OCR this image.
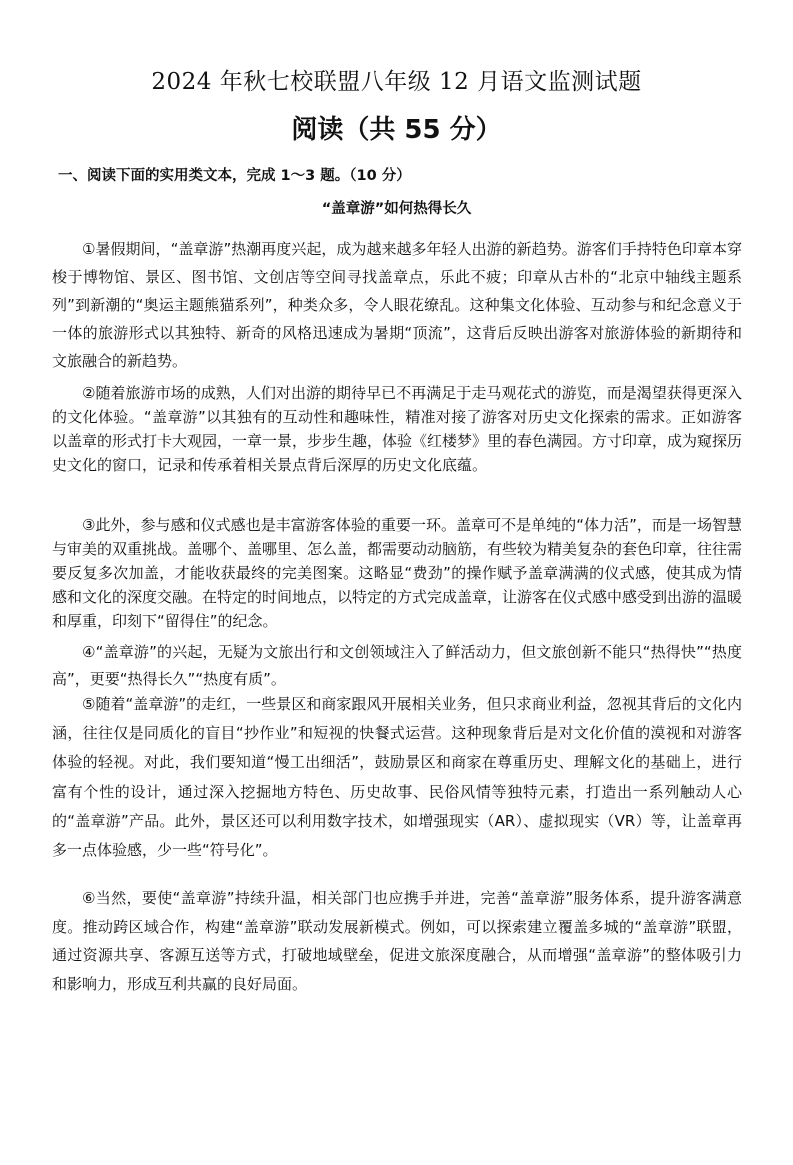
2024 年秋七校联盟八年级 12 月语文监测试题
阅读（共 55 分）
一、阅读下面的实用类文本，完成 1～3 题。（10 分）
“盖章游”如何热得长久

①暑假期间，“盖章游”热潮再度兴起，成为越来越多年轻人出游的新趋势。游客们手持特色印章本穿梭于博物馆、景区、图书馆、文创店等空间寻找盖章点，乐此不疲；印章从古朴的“北京中轴线主题系列”到新潮的“奥运主题熊猫系列”，种类众多，令人眼花缭乱。这种集文化体验、互动参与和纪念意义于一体的旅游形式以其独特、新奇的风格迅速成为暑期“顶流”，这背后反映出游客对旅游体验的新期待和文旅融合的新趋势。

②随着旅游市场的成熟，人们对出游的期待早已不再满足于走马观花式的游览，而是渴望获得更深入的文化体验。“盖章游”以其独有的互动性和趣味性，精准对接了游客对历史文化探索的需求。正如游客以盖章的形式打卡大观园，一章一景，步步生趣，体验《红楼梦》里的春色满园。方寸印章，成为窥探历史文化的窗口，记录和传承着相关景点背后深厚的历史文化底蕴。

③此外，参与感和仪式感也是丰富游客体验的重要一环。盖章可不是单纯的“体力活”，而是一场智慧与审美的双重挑战。盖哪个、盖哪里、怎么盖，都需要动动脑筋，有些较为精美复杂的套色印章，往往需要反复多次加盖，才能收获最终的完美图案。这略显“费劲”的操作赋予盖章满满的仪式感，使其成为情感和文化的深度交融。在特定的时间地点，以特定的方式完成盖章，让游客在仪式感中感受到出游的温暖和厚重，印刻下“留得住”的纪念。

④“盖章游”的兴起，无疑为文旅出行和文创领域注入了鲜活动力，但文旅创新不能只“热得快”“热度高”，更要“热得长久”“热度有质”。

⑤随着“盖章游”的走红，一些景区和商家跟风开展相关业务，但只求商业利益，忽视其背后的文化内涵，往往仅是同质化的盲目“抄作业”和短视的快餐式运营。这种现象背后是对文化价值的漠视和对游客体验的轻视。对此，我们要知道“慢工出细活”，鼓励景区和商家在尊重历史、理解文化的基础上，进行富有个性的设计，通过深入挖掘地方特色、历史故事、民俗风情等独特元素，打造出一系列触动人心的“盖章游”产品。此外，景区还可以利用数字技术，如增强现实（AR）、虚拟现实（VR）等，让盖章再多一点体验感，少一些“符号化”。

⑥当然，要使“盖章游”持续升温，相关部门也应携手并进，完善“盖章游”服务体系，提升游客满意度。推动跨区域合作，构建“盖章游”联动发展新模式。例如，可以探索建立覆盖多城的“盖章游”联盟，通过资源共享、客源互送等方式，打破地域壁垒，促进文旅深度融合，从而增强“盖章游”的整体吸引力和影响力，形成互利共赢的良好局面。
